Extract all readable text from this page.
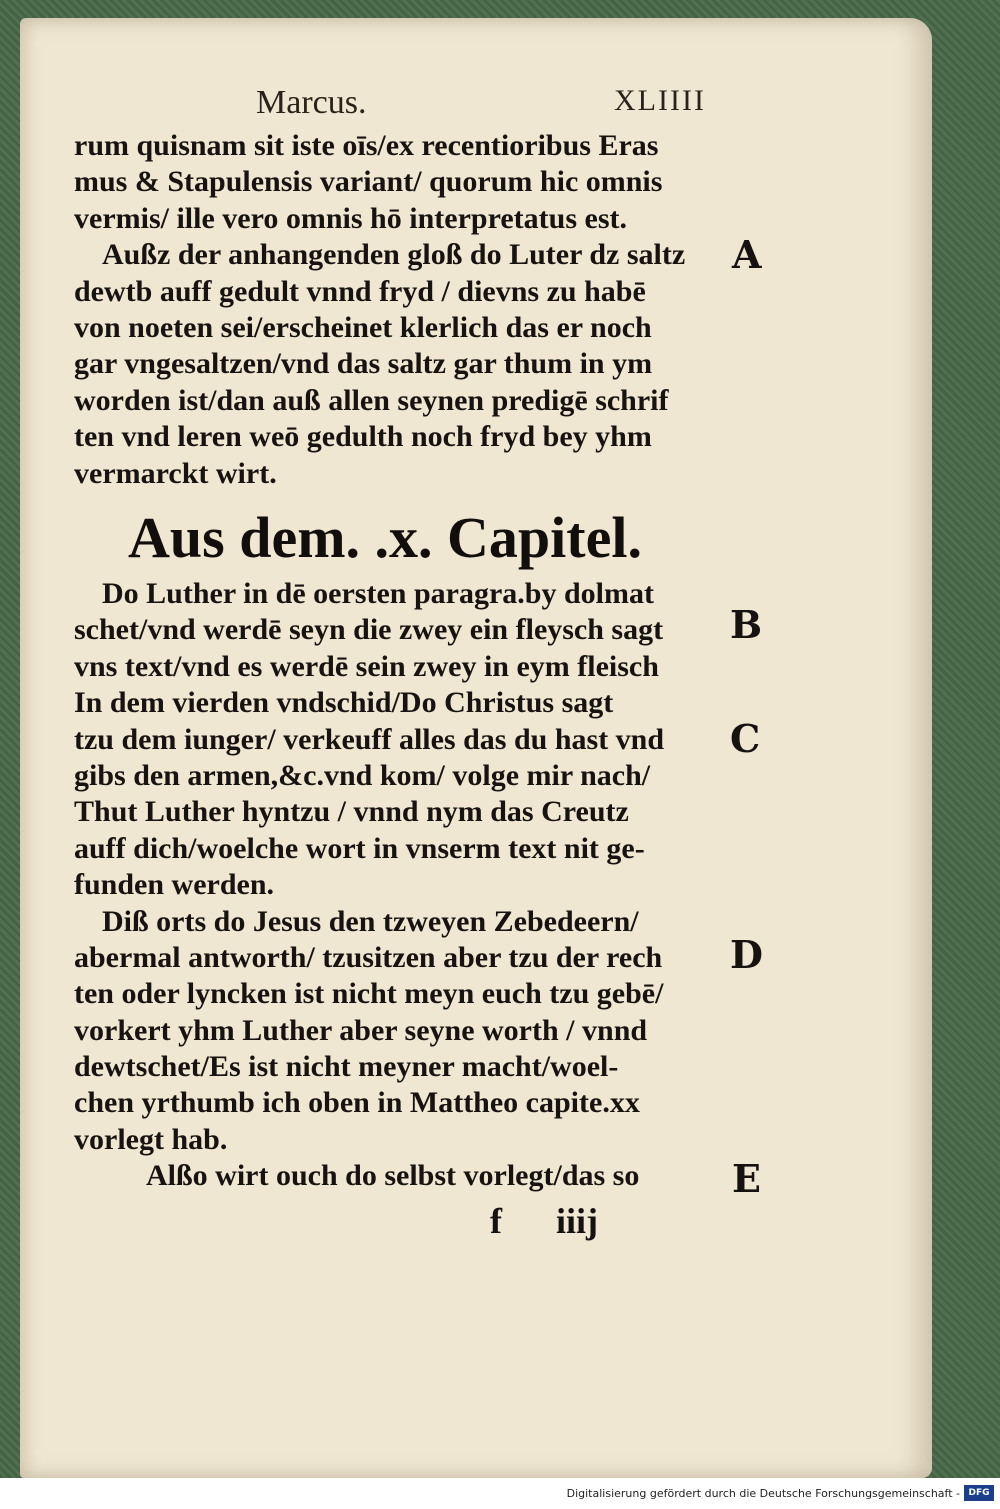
Marcus.	XLIIII
rum quisnam sit iste oīs/ex recentioribus Eras
mus & Stapulensis variant/ quorum hic omnis
vermis/ ille vero omnis hō interpretatus est.
Außz der anhangenden gloß do Luter dz saltz
dewtb auff gedult vnnd fryd / dievns zu habē
von noeten sei/erscheinet klerlich das er noch
gar vngesaltzen/vnd das saltz gar thum in ym
worden ist/dan auß allen seynen predigē schrif
ten vnd leren weō gedulth noch fryd bey yhm
vermarckt wirt.
Aus dem. .x. Capitel.
Do Luther in dē oersten paragra.by dolmat
schet/vnd werdē seyn die zwey ein fleysch sagt
vns text/vnd es werdē sein zwey in eym fleisch
In dem vierden vndschid/Do Christus sagt
tzu dem iunger/ verkeuff alles das du hast vnd
gibs den armen,&c.vnd kom/ volge mir nach/
Thut Luther hyntzu / vnnd nym das Creutz
auff dich/woelche wort in vnserm text nit ge-
funden werden.
Diß orts do Jesus den tzweyen Zebedeern/
abermal antworth/ tzusitzen aber tzu der rech
ten oder lyncken ist nicht meyn euch tzu gebē/
vorkert yhm Luther aber seyne worth / vnnd
dewtschet/Es ist nicht meyner macht/woel-
chen yrthumb ich oben in Mattheo capite.xx
vorlegt hab.
Alßo wirt ouch do selbst vorlegt/das so
A
B
C
D
E
f iiij
Digitalisierung gefördert durch die Deutsche Forschungsgemeinschaft - DFG
